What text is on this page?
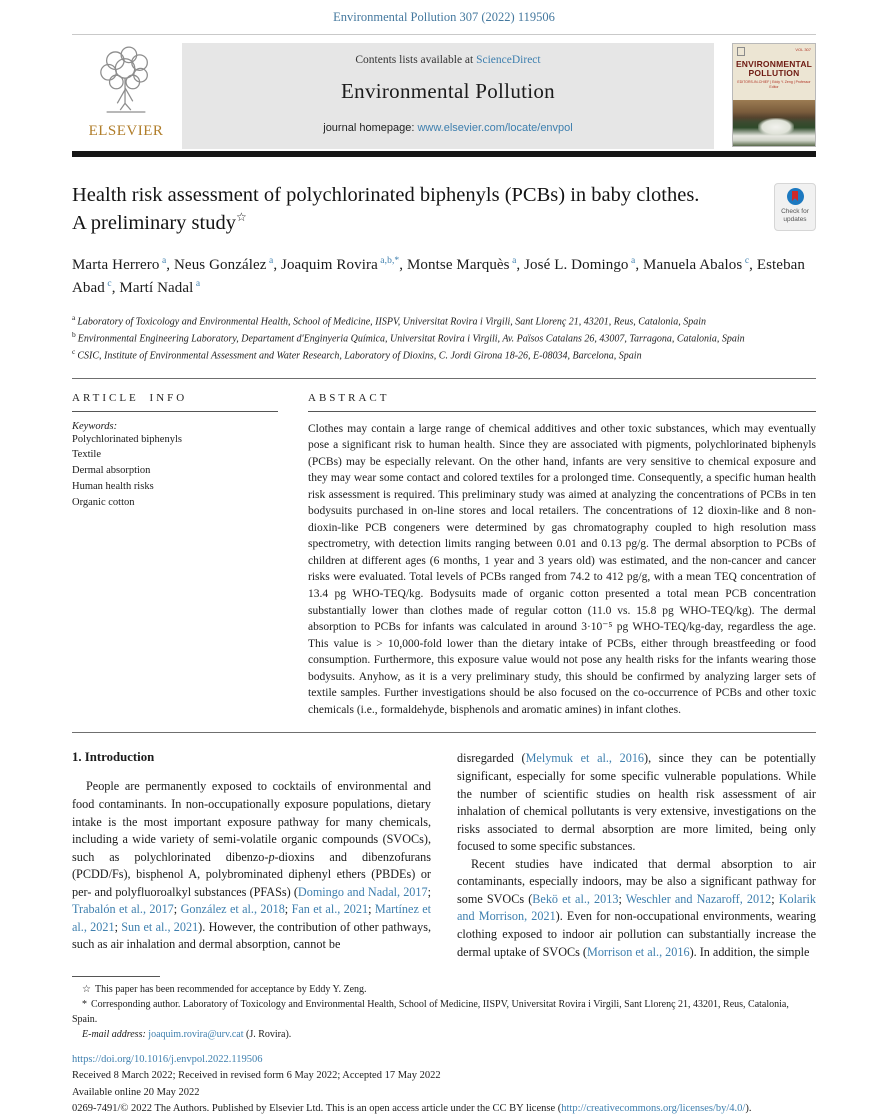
Environmental Pollution 307 (2022) 119506
ELSEVIER
Contents lists available at ScienceDirect
Environmental Pollution
journal homepage: www.elsevier.com/locate/envpol
VOL 307
ENVIRONMENTAL
POLLUTION
EDITORS-IN-CHIEF | Eddy Y. Zeng | Professor Editor
Health risk assessment of polychlorinated biphenyls (PCBs) in baby clothes.
A preliminary study☆	Check for
updates
Marta Herrero $^a$, Neus González $^a$, Joaquim Rovira $^{a,b,*}$, Montse Marquès $^a$, José L. Domingo $^a$, Manuela Abalos $^c$, Esteban Abad $^c$, Martí Nadal $^a$
$^a$ Laboratory of Toxicology and Environmental Health, School of Medicine, IISPV, Universitat Rovira i Virgili, Sant Llorenç 21, 43201, Reus, Catalonia, Spain
$^b$ Environmental Engineering Laboratory, Departament d'Enginyeria Química, Universitat Rovira i Virgili, Av. Països Catalans 26, 43007, Tarragona, Catalonia, Spain
$^c$ CSIC, Institute of Environmental Assessment and Water Research, Laboratory of Dioxins, C. Jordi Girona 18-26, E-08034, Barcelona, Spain
ARTICLE INFO
Keywords:
Polychlorinated biphenyls
Textile
Dermal absorption
Human health risks
Organic cotton
ABSTRACT
Clothes may contain a large range of chemical additives and other toxic substances, which may eventually pose a significant risk to human health. Since they are associated with pigments, polychlorinated biphenyls (PCBs) may be especially relevant. On the other hand, infants are very sensitive to chemical exposure and they may wear some contact and colored textiles for a prolonged time. Consequently, a specific human health risk assessment is required. This preliminary study was aimed at analyzing the concentrations of PCBs in ten bodysuits purchased in on-line stores and local retailers. The concentrations of 12 dioxin-like and 8 non-dioxin-like PCB congeners were determined by gas chromatography coupled to high resolution mass spectrometry, with detection limits ranging between 0.01 and 0.13 pg/g. The dermal absorption to PCBs of children at different ages (6 months, 1 year and 3 years old) was estimated, and the non-cancer and cancer risks were evaluated. Total levels of PCBs ranged from 74.2 to 412 pg/g, with a mean TEQ concentration of 13.4 pg WHO-TEQ/kg. Bodysuits made of organic cotton presented a total mean PCB concentration substantially lower than clothes made of regular cotton (11.0 vs. 15.8 pg WHO-TEQ/kg). The dermal absorption to PCBs for infants was calculated in around 3·10⁻⁵ pg WHO-TEQ/kg-day, regardless the age. This value is > 10,000-fold lower than the dietary intake of PCBs, either through breastfeeding or food consumption. Furthermore, this exposure value would not pose any health risks for the infants wearing those bodysuits. Anyhow, as it is a very preliminary study, this should be confirmed by analyzing larger sets of textile samples. Further investigations should be also focused on the co-occurrence of PCBs and other toxic chemicals (i.e., formaldehyde, bisphenols and aromatic amines) in infant clothes.
1. Introduction

People are permanently exposed to cocktails of environmental and food contaminants. In non-occupationally exposure populations, dietary intake is the most important exposure pathway for many chemicals, including a wide variety of semi-volatile organic compounds (SVOCs), such as polychlorinated dibenzo-p-dioxins and dibenzofurans (PCDD/Fs), bisphenol A, polybrominated diphenyl ethers (PBDEs) or per- and polyfluoroalkyl substances (PFASs) (Domingo and Nadal, 2017; Trabalón et al., 2017; González et al., 2018; Fan et al., 2021; Martínez et al., 2021; Sun et al., 2021). However, the contribution of other pathways, such as air inhalation and dermal absorption, cannot be

disregarded (Melymuk et al., 2016), since they can be potentially significant, especially for some specific vulnerable populations. While the number of scientific studies on health risk assessment of air inhalation of chemical pollutants is very extensive, investigations on the risks associated to dermal absorption are more limited, being only focused to some specific substances.

Recent studies have indicated that dermal absorption to air contaminants, especially indoors, may be also a significant pathway for some SVOCs (Bekö et al., 2013; Weschler and Nazaroff, 2012; Kolarik and Morrison, 2021). Even for non-occupational environments, wearing clothing exposed to indoor air pollution can substantially increase the dermal uptake of SVOCs (Morrison et al., 2016). In addition, the simple

☆ This paper has been recommended for acceptance by Eddy Y. Zeng.
* Corresponding author. Laboratory of Toxicology and Environmental Health, School of Medicine, IISPV, Universitat Rovira i Virgili, Sant Llorenç 21, 43201, Reus, Catalonia, Spain.
E-mail address: joaquim.rovira@urv.cat (J. Rovira).
https://doi.org/10.1016/j.envpol.2022.119506
Received 8 March 2022; Received in revised form 6 May 2022; Accepted 17 May 2022
Available online 20 May 2022
0269-7491/© 2022 The Authors. Published by Elsevier Ltd. This is an open access article under the CC BY license (http://creativecommons.org/licenses/by/4.0/).
